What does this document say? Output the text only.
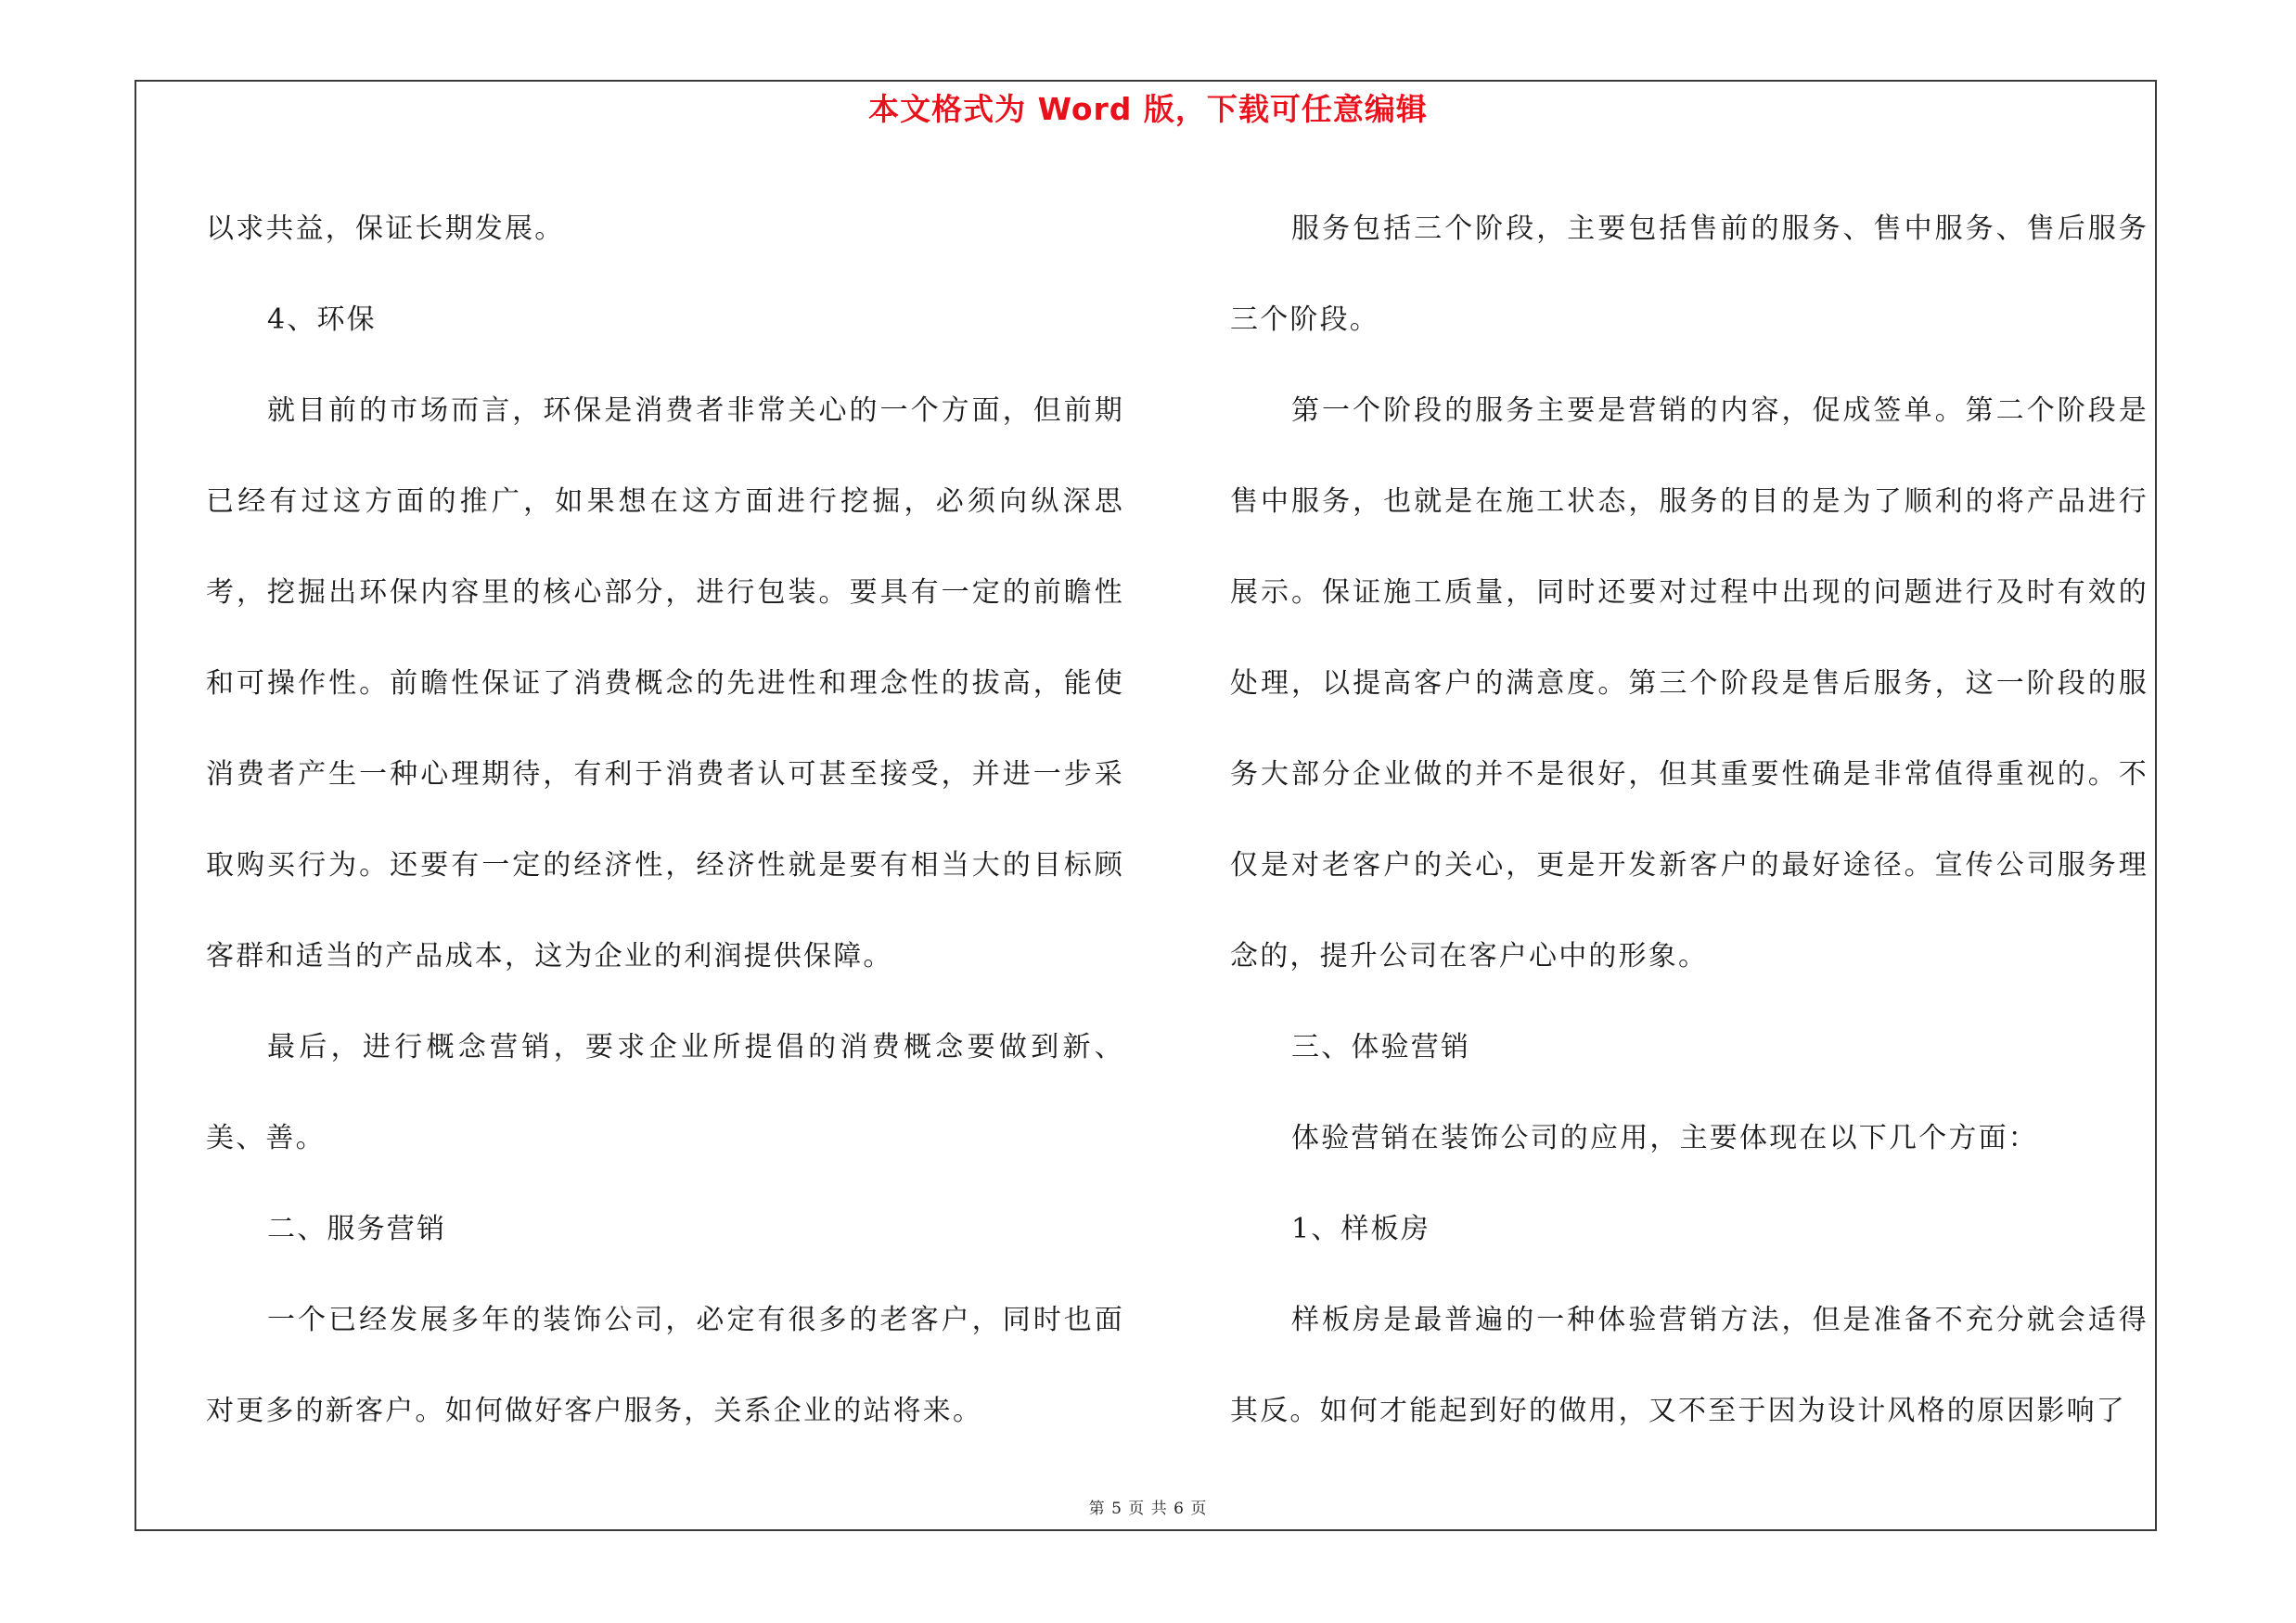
本文格式为 Word 版，下载可任意编辑

以求共益，保证长期发展。

4、环保

就目前的市场而言，环保是消费者非常关心的一个方面，但前期已经有过这方面的推广，如果想在这方面进行挖掘，必须向纵深思考，挖掘出环保内容里的核心部分，进行包装。要具有一定的前瞻性和可操作性。前瞻性保证了消费概念的先进性和理念性的拔高，能使消费者产生一种心理期待，有利于消费者认可甚至接受，并进一步采取购买行为。还要有一定的经济性，经济性就是要有相当大的目标顾客群和适当的产品成本，这为企业的利润提供保障。

最后，进行概念营销，要求企业所提倡的消费概念要做到新、美、善。

二、服务营销

一个已经发展多年的装饰公司，必定有很多的老客户，同时也面对更多的新客户。如何做好客户服务，关系企业的站将来。

服务包括三个阶段，主要包括售前的服务、售中服务、售后服务三个阶段。

第一个阶段的服务主要是营销的内容，促成签单。第二个阶段是售中服务，也就是在施工状态，服务的目的是为了顺利的将产品进行展示。保证施工质量，同时还要对过程中出现的问题进行及时有效的处理，以提高客户的满意度。第三个阶段是售后服务，这一阶段的服务大部分企业做的并不是很好，但其重要性确是非常值得重视的。不仅是对老客户的关心，更是开发新客户的最好途径。宣传公司服务理念的，提升公司在客户心中的形象。

三、体验营销

体验营销在装饰公司的应用，主要体现在以下几个方面：

1、样板房

样板房是最普遍的一种体验营销方法，但是准备不充分就会适得其反。如何才能起到好的做用，又不至于因为设计风格的原因影响了

第 5 页 共 6 页
